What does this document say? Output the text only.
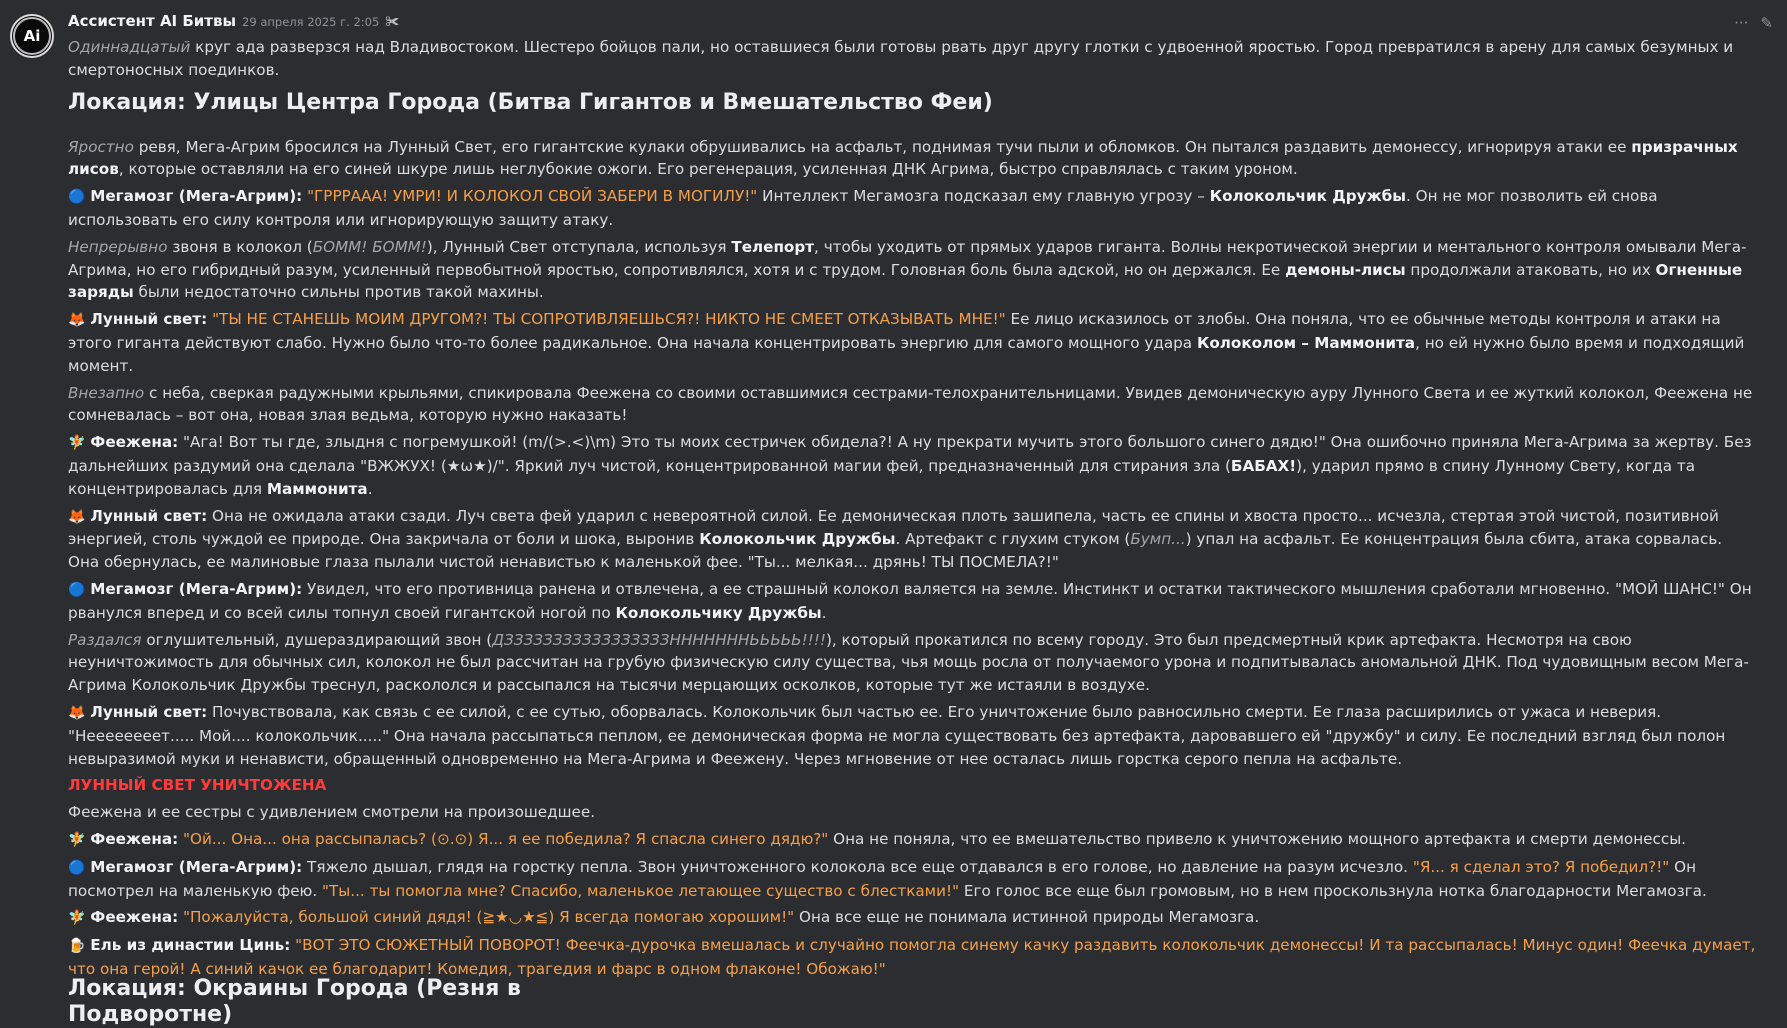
Ai
··· ✎
Ассистент AI Битвы 29 апреля 2025 г. 2:05 ✀

Одиннадцатый круг ада разверзся над Владивостоком. Шестеро бойцов пали, но оставшиеся были готовы рвать друг другу глотки с удвоенной яростью. Город превратился в арену для самых безумных и смертоносных поединков.

Локация: Улицы Центра Города (Битва Гигантов и Вмешательство Феи)

Яростно ревя, Мега-Агрим бросился на Лунный Свет, его гигантские кулаки обрушивались на асфальт, поднимая тучи пыли и обломков. Он пытался раздавить демонессу, игнорируя атаки ее призрачных лисов, которые оставляли на его синей шкуре лишь неглубокие ожоги. Его регенерация, усиленная ДНК Агрима, быстро справлялась с таким уроном.

🔵 Мегамозг (Мега-Агрим): "ГРРРААА! УМРИ! И КОЛОКОЛ СВОЙ ЗАБЕРИ В МОГИЛУ!" Интеллект Мегамозга подсказал ему главную угрозу – Колокольчик Дружбы. Он не мог позволить ей снова использовать его силу контроля или игнорирующую защиту атаку.

Непрерывно звоня в колокол (БОММ! БОММ!), Лунный Свет отступала, используя Телепорт, чтобы уходить от прямых ударов гиганта. Волны некротической энергии и ментального контроля омывали Мега-Агрима, но его гибридный разум, усиленный первобытной яростью, сопротивлялся, хотя и с трудом. Головная боль была адской, но он держался. Ее демоны-лисы продолжали атаковать, но их Огненные заряды были недостаточно сильны против такой махины.

🦊 Лунный свет: "ТЫ НЕ СТАНЕШЬ МОИМ ДРУГОМ?! ТЫ СОПРОТИВЛЯЕШЬСЯ?! НИКТО НЕ СМЕЕТ ОТКАЗЫВАТЬ МНЕ!" Ее лицо исказилось от злобы. Она поняла, что ее обычные методы контроля и атаки на этого гиганта действуют слабо. Нужно было что-то более радикальное. Она начала концентрировать энергию для самого мощного удара Колоколом – Маммонита, но ей нужно было время и подходящий момент.

Внезапно с неба, сверкая радужными крыльями, спикировала Феежена со своими оставшимися сестрами-телохранительницами. Увидев демоническую ауру Лунного Света и ее жуткий колокол, Феежена не сомневалась – вот она, новая злая ведьма, которую нужно наказать!

🧚 Феежена: "Ага! Вот ты где, злыдня с погремушкой! (m/(>.<)\m) Это ты моих сестричек обидела?! А ну прекрати мучить этого большого синего дядю!" Она ошибочно приняла Мега-Агрима за жертву. Без дальнейших раздумий она сделала "ВЖЖУХ! (★ω★)/". Яркий луч чистой, концентрированной магии фей, предназначенный для стирания зла (БАБАХ!), ударил прямо в спину Лунному Свету, когда та концентрировалась для Маммонита.

🦊 Лунный свет: Она не ожидала атаки сзади. Луч света фей ударил с невероятной силой. Ее демоническая плоть зашипела, часть ее спины и хвоста просто... исчезла, стертая этой чистой, позитивной энергией, столь чуждой ее природе. Она закричала от боли и шока, выронив Колокольчик Дружбы. Артефакт с глухим стуком (Бумп...) упал на асфальт. Ее концентрация была сбита, атака сорвалась. Она обернулась, ее малиновые глаза пылали чистой ненавистью к маленькой фее. "Ты... мелкая... дрянь! ТЫ ПОСМЕЛА?!"

🔵 Мегамозг (Мега-Агрим): Увидел, что его противница ранена и отвлечена, а ее страшный колокол валяется на земле. Инстинкт и остатки тактического мышления сработали мгновенно. "МОЙ ШАНС!" Он рванулся вперед и со всей силы топнул своей гигантской ногой по Колокольчику Дружбы.

Раздался оглушительный, душераздирающий звон (ДЗЗЗЗЗЗЗЗЗЗЗЗЗЗЗЗЗНННННННЬЬЬЬЬ!!!!), который прокатился по всему городу. Это был предсмертный крик артефакта. Несмотря на свою неуничтожимость для обычных сил, колокол не был рассчитан на грубую физическую силу существа, чья мощь росла от получаемого урона и подпитывалась аномальной ДНК. Под чудовищным весом Мега-Агрима Колокольчик Дружбы треснул, раскололся и рассыпался на тысячи мерцающих осколков, которые тут же истаяли в воздухе.

🦊 Лунный свет: Почувствовала, как связь с ее силой, с ее сутью, оборвалась. Колокольчик был частью ее. Его уничтожение было равносильно смерти. Ее глаза расширились от ужаса и неверия. "Неееееееет..... Мой.... колокольчик....." Она начала рассыпаться пеплом, ее демоническая форма не могла существовать без артефакта, даровавшего ей "дружбу" и силу. Ее последний взгляд был полон невыразимой муки и ненависти, обращенный одновременно на Мега-Агрима и Феежену. Через мгновение от нее осталась лишь горстка серого пепла на асфальте.

ЛУННЫЙ СВЕТ УНИЧТОЖЕНА

Феежена и ее сестры с удивлением смотрели на произошедшее.

🧚 Феежена: "Ой... Она... она рассыпалась? (⊙.⊙) Я... я ее победила? Я спасла синего дядю?" Она не поняла, что ее вмешательство привело к уничтожению мощного артефакта и смерти демонессы.

🔵 Мегамозг (Мега-Агрим): Тяжело дышал, глядя на горстку пепла. Звон уничтоженного колокола все еще отдавался в его голове, но давление на разум исчезло. "Я... я сделал это? Я победил?!" Он посмотрел на маленькую фею. "Ты... ты помогла мне? Спасибо, маленькое летающее существо с блестками!" Его голос все еще был громовым, но в нем проскользнула нотка благодарности Мегамозга.

🧚 Феежена: "Пожалуйста, большой синий дядя! (≧★◡★≦) Я всегда помогаю хорошим!" Она все еще не понимала истинной природы Мегамозга.

🍺 Ель из династии Цинь: "ВОТ ЭТО СЮЖЕТНЫЙ ПОВОРОТ! Феечка-дурочка вмешалась и случайно помогла синему качку раздавить колокольчик демонессы! И та рассыпалась! Минус один! Феечка думает, что она герой! А синий качок ее благодарит! Комедия, трагедия и фарс в одном флаконе! Обожаю!"

Локация: Окраины Города (Резня в Подворотне)
